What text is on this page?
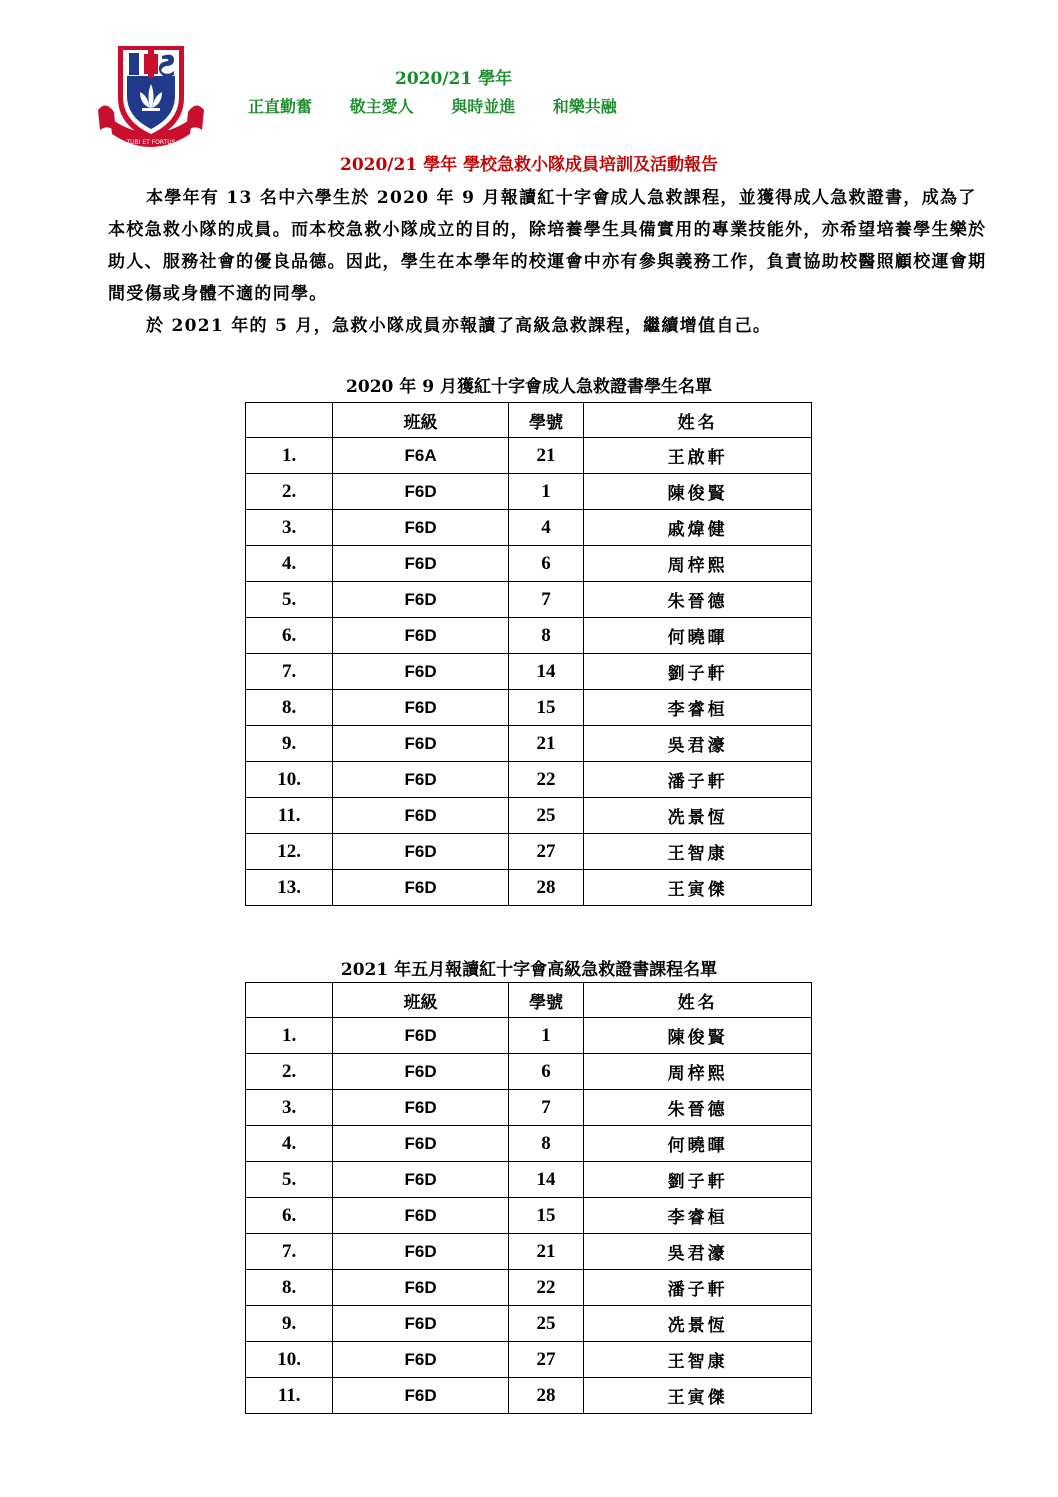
TUBI ET FORTUS
2020/21 學年
正直勤奮 敬主愛人 與時並進 和樂共融
2020/21 學年 學校急救小隊成員培訓及活動報告

本學年有 13 名中六學生於 2020 年 9 月報讀紅十字會成人急救課程，並獲得成人急救證書，成為了本校急救小隊的成員。而本校急救小隊成立的目的，除培養學生具備實用的專業技能外，亦希望培養學生樂於助人、服務社會的優良品德。因此，學生在本學年的校運會中亦有參與義務工作，負責協助校醫照顧校運會期間受傷或身體不適的同學。

於 2021 年的 5 月，急救小隊成員亦報讀了高級急救課程，繼續增值自己。

2020 年 9 月獲紅十字會成人急救證書學生名單
	班級	學號	姓名
1.	F6A	21	王啟軒
2.	F6D	1	陳俊賢
3.	F6D	4	戚煒健
4.	F6D	6	周梓熙
5.	F6D	7	朱晉德
6.	F6D	8	何曉暉
7.	F6D	14	劉子軒
8.	F6D	15	李睿桓
9.	F6D	21	吳君濠
10.	F6D	22	潘子軒
11.	F6D	25	冼景恆
12.	F6D	27	王智康
13.	F6D	28	王寅傑
2021 年五月報讀紅十字會高級急救證書課程名單
	班級	學號	姓名
1.	F6D	1	陳俊賢
2.	F6D	6	周梓熙
3.	F6D	7	朱晉德
4.	F6D	8	何曉暉
5.	F6D	14	劉子軒
6.	F6D	15	李睿桓
7.	F6D	21	吳君濠
8.	F6D	22	潘子軒
9.	F6D	25	冼景恆
10.	F6D	27	王智康
11.	F6D	28	王寅傑
